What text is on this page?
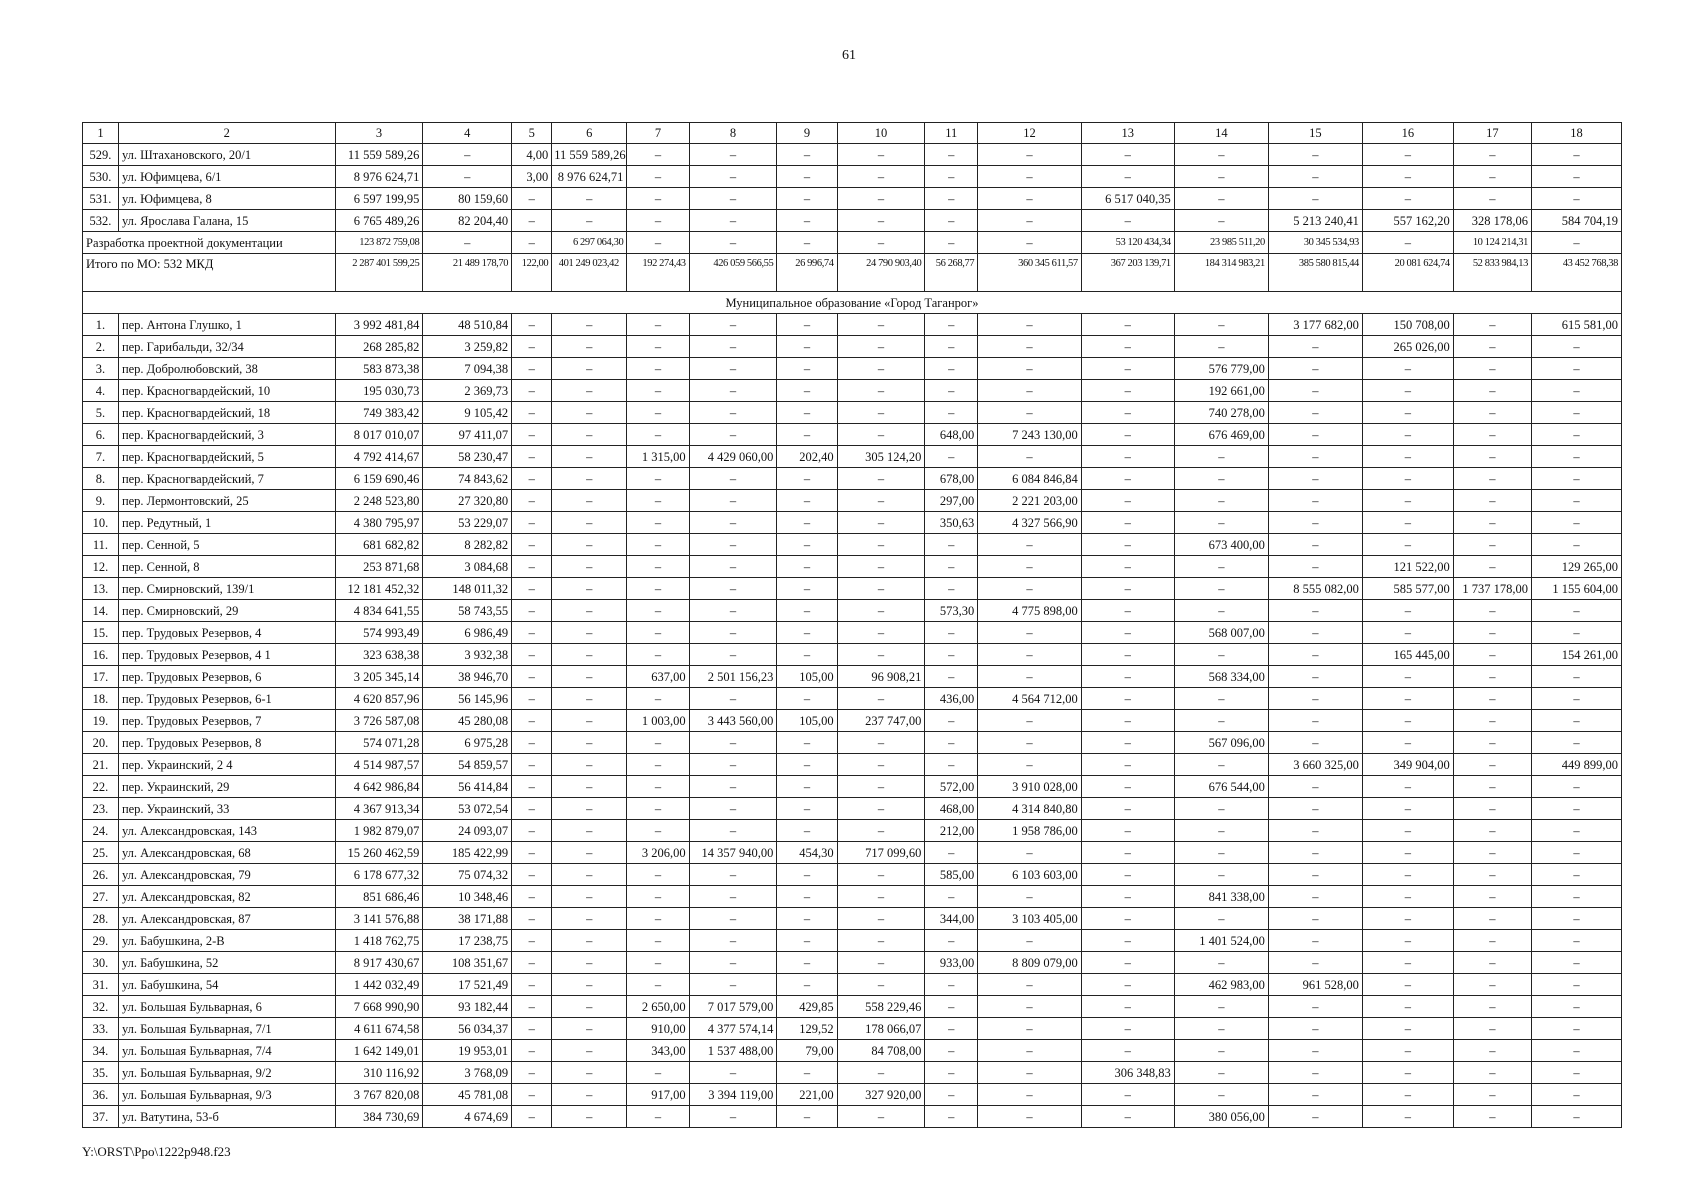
61
1	2	3	4	5	6	7	8	9	10	11	12	13	14	15	16	17	18
529.	ул. Штахановского, 20/1	11 559 589,26	–	4,00	11 559 589,26	–	–	–	–	–	–	–	–	–	–	–	–
530.	ул. Юфимцева, 6/1	8 976 624,71	–	3,00	8 976 624,71	–	–	–	–	–	–	–	–	–	–	–	–
531.	ул. Юфимцева, 8	6 597 199,95	80 159,60	–	–	–	–	–	–	–	–	6 517 040,35	–	–	–	–	–
532.	ул. Ярослава Галана, 15	6 765 489,26	82 204,40	–	–	–	–	–	–	–	–	–	–	5 213 240,41	557 162,20	328 178,06	584 704,19
Разработка проектной документации		123 872 759,08	–	–	6 297 064,30	–	–	–	–	–	–	53 120 434,34	23 985 511,20	30 345 534,93	–	10 124 214,31	–
Итого по МО: 532 МКД		2 287 401 599,25	21 489 178,70	122,00	401 249 023,42	192 274,43	426 059 566,55	26 996,74	24 790 903,40	56 268,77	360 345 611,57	367 203 139,71	184 314 983,21	385 580 815,44	20 081 624,74	52 833 984,13	43 452 768,38
Муниципальное образование «Город Таганрог»																	
1.	пер. Антона Глушко, 1	3 992 481,84	48 510,84	–	–	–	–	–	–	–	–	–	–	3 177 682,00	150 708,00	–	615 581,00
2.	пер. Гарибальди, 32/34	268 285,82	3 259,82	–	–	–	–	–	–	–	–	–	–	–	265 026,00	–	–
3.	пер. Добролюбовский, 38	583 873,38	7 094,38	–	–	–	–	–	–	–	–	–	576 779,00	–	–	–	–
4.	пер. Красногвардейский, 10	195 030,73	2 369,73	–	–	–	–	–	–	–	–	–	192 661,00	–	–	–	–
5.	пер. Красногвардейский, 18	749 383,42	9 105,42	–	–	–	–	–	–	–	–	–	740 278,00	–	–	–	–
6.	пер. Красногвардейский, 3	8 017 010,07	97 411,07	–	–	–	–	–	–	648,00	7 243 130,00	–	676 469,00	–	–	–	–
7.	пер. Красногвардейский, 5	4 792 414,67	58 230,47	–	–	1 315,00	4 429 060,00	202,40	305 124,20	–	–	–	–	–	–	–	–
8.	пер. Красногвардейский, 7	6 159 690,46	74 843,62	–	–	–	–	–	–	678,00	6 084 846,84	–	–	–	–	–	–
9.	пер. Лермонтовский, 25	2 248 523,80	27 320,80	–	–	–	–	–	–	297,00	2 221 203,00	–	–	–	–	–	–
10.	пер. Редутный, 1	4 380 795,97	53 229,07	–	–	–	–	–	–	350,63	4 327 566,90	–	–	–	–	–	–
11.	пер. Сенной, 5	681 682,82	8 282,82	–	–	–	–	–	–	–	–	–	673 400,00	–	–	–	–
12.	пер. Сенной, 8	253 871,68	3 084,68	–	–	–	–	–	–	–	–	–	–	–	121 522,00	–	129 265,00
13.	пер. Смирновский, 139/1	12 181 452,32	148 011,32	–	–	–	–	–	–	–	–	–	–	8 555 082,00	585 577,00	1 737 178,00	1 155 604,00
14.	пер. Смирновский, 29	4 834 641,55	58 743,55	–	–	–	–	–	–	573,30	4 775 898,00	–	–	–	–	–	–
15.	пер. Трудовых Резервов, 4	574 993,49	6 986,49	–	–	–	–	–	–	–	–	–	568 007,00	–	–	–	–
16.	пер. Трудовых Резервов, 4 1	323 638,38	3 932,38	–	–	–	–	–	–	–	–	–	–	–	165 445,00	–	154 261,00
17.	пер. Трудовых Резервов, 6	3 205 345,14	38 946,70	–	–	637,00	2 501 156,23	105,00	96 908,21	–	–	–	568 334,00	–	–	–	–
18.	пер. Трудовых Резервов, 6-1	4 620 857,96	56 145,96	–	–	–	–	–	–	436,00	4 564 712,00	–	–	–	–	–	–
19.	пер. Трудовых Резервов, 7	3 726 587,08	45 280,08	–	–	1 003,00	3 443 560,00	105,00	237 747,00	–	–	–	–	–	–	–	–
20.	пер. Трудовых Резервов, 8	574 071,28	6 975,28	–	–	–	–	–	–	–	–	–	567 096,00	–	–	–	–
21.	пер. Украинский, 2 4	4 514 987,57	54 859,57	–	–	–	–	–	–	–	–	–	–	3 660 325,00	349 904,00	–	449 899,00
22.	пер. Украинский, 29	4 642 986,84	56 414,84	–	–	–	–	–	–	572,00	3 910 028,00	–	676 544,00	–	–	–	–
23.	пер. Украинский, 33	4 367 913,34	53 072,54	–	–	–	–	–	–	468,00	4 314 840,80	–	–	–	–	–	–
24.	ул. Александровская, 143	1 982 879,07	24 093,07	–	–	–	–	–	–	212,00	1 958 786,00	–	–	–	–	–	–
25.	ул. Александровская, 68	15 260 462,59	185 422,99	–	–	3 206,00	14 357 940,00	454,30	717 099,60	–	–	–	–	–	–	–	–
26.	ул. Александровская, 79	6 178 677,32	75 074,32	–	–	–	–	–	–	585,00	6 103 603,00	–	–	–	–	–	–
27.	ул. Александровская, 82	851 686,46	10 348,46	–	–	–	–	–	–	–	–	–	841 338,00	–	–	–	–
28.	ул. Александровская, 87	3 141 576,88	38 171,88	–	–	–	–	–	–	344,00	3 103 405,00	–	–	–	–	–	–
29.	ул. Бабушкина, 2-В	1 418 762,75	17 238,75	–	–	–	–	–	–	–	–	–	1 401 524,00	–	–	–	–
30.	ул. Бабушкина, 52	8 917 430,67	108 351,67	–	–	–	–	–	–	933,00	8 809 079,00	–	–	–	–	–	–
31.	ул. Бабушкина, 54	1 442 032,49	17 521,49	–	–	–	–	–	–	–	–	–	462 983,00	961 528,00	–	–	–
32.	ул. Большая Бульварная, 6	7 668 990,90	93 182,44	–	–	2 650,00	7 017 579,00	429,85	558 229,46	–	–	–	–	–	–	–	–
33.	ул. Большая Бульварная, 7/1	4 611 674,58	56 034,37	–	–	910,00	4 377 574,14	129,52	178 066,07	–	–	–	–	–	–	–	–
34.	ул. Большая Бульварная, 7/4	1 642 149,01	19 953,01	–	–	343,00	1 537 488,00	79,00	84 708,00	–	–	–	–	–	–	–	–
35.	ул. Большая Бульварная, 9/2	310 116,92	3 768,09	–	–	–	–	–	–	–	–	306 348,83	–	–	–	–	–
36.	ул. Большая Бульварная, 9/3	3 767 820,08	45 781,08	–	–	917,00	3 394 119,00	221,00	327 920,00	–	–	–	–	–	–	–	–
37.	ул. Ватутина, 53-б	384 730,69	4 674,69	–	–	–	–	–	–	–	–	–	380 056,00	–	–	–	–
Y:\ORST\Ppo\1222p948.f23
